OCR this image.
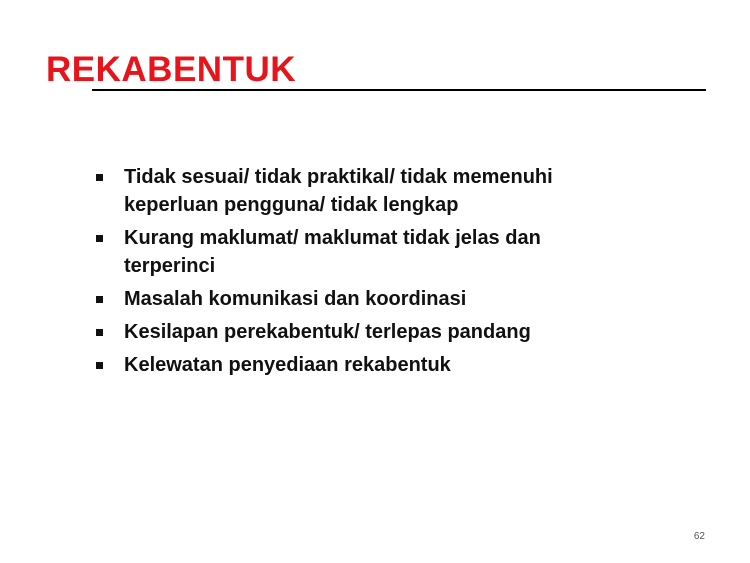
REKABENTUK
Tidak sesuai/ tidak praktikal/ tidak memenuhi
keperluan pengguna/ tidak lengkap
Kurang maklumat/ maklumat tidak jelas dan
terperinci
Masalah komunikasi dan koordinasi
Kesilapan perekabentuk/ terlepas pandang
Kelewatan penyediaan rekabentuk
62
